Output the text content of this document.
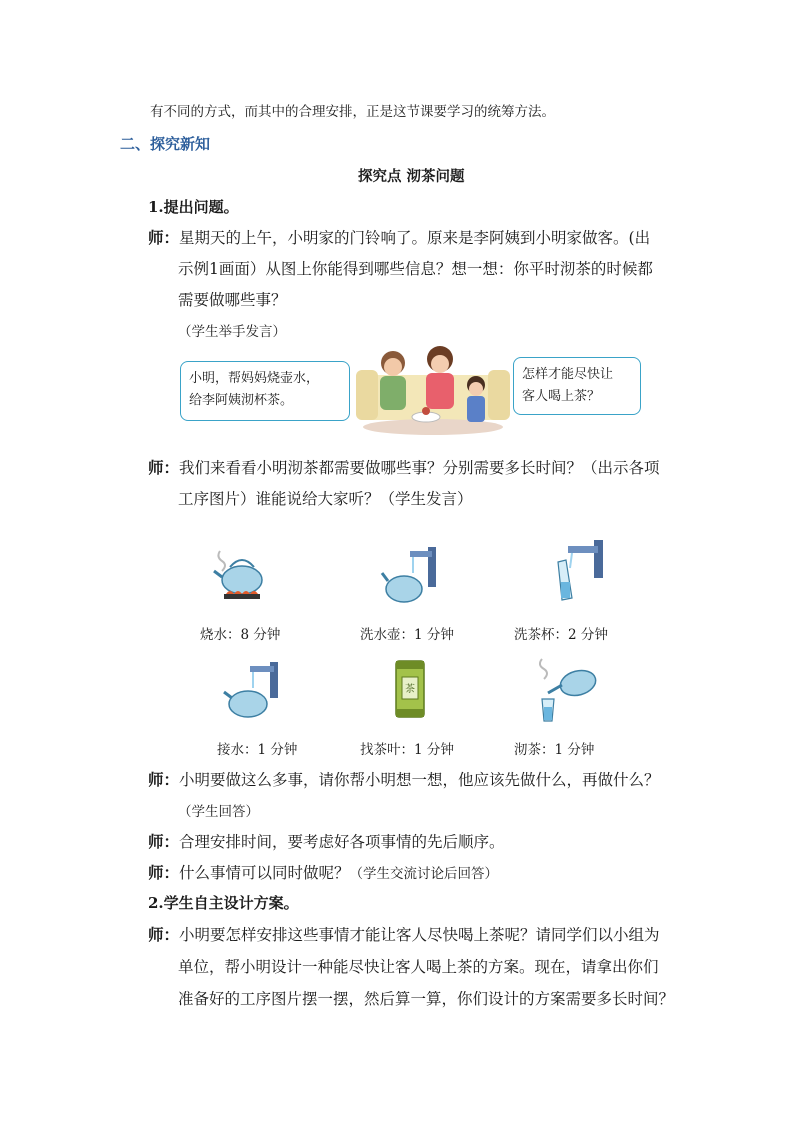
有不同的方式，而其中的合理安排，正是这节课要学习的统筹方法。
二、探究新知
探究点 沏茶问题
1.提出问题。
师：星期天的上午，小明家的门铃响了。原来是李阿姨到小明家做客。(出
示例1画面）从图上你能得到哪些信息？想一想：你平时沏茶的时候都
需要做哪些事？
（学生举手发言）
小明，帮妈妈烧壶水，
给李阿姨沏杯茶。
怎样才能尽快让
客人喝上茶？
师：我们来看看小明沏茶都需要做哪些事？分别需要多长时间？（出示各项
工序图片）谁能说给大家听？（学生发言）
烧水：8 分钟	洗水壶：1 分钟	洗茶杯：2 分钟
茶
接水：1 分钟	找茶叶：1 分钟	沏茶：1 分钟
师：小明要做这么多事，请你帮小明想一想，他应该先做什么，再做什么？
（学生回答）
师：合理安排时间，要考虑好各项事情的先后顺序。
师：什么事情可以同时做呢？（学生交流讨论后回答）
2.学生自主设计方案。
师：小明要怎样安排这些事情才能让客人尽快喝上茶呢？请同学们以小组为
单位，帮小明设计一种能尽快让客人喝上茶的方案。现在，请拿出你们
准备好的工序图片摆一摆，然后算一算，你们设计的方案需要多长时间？
